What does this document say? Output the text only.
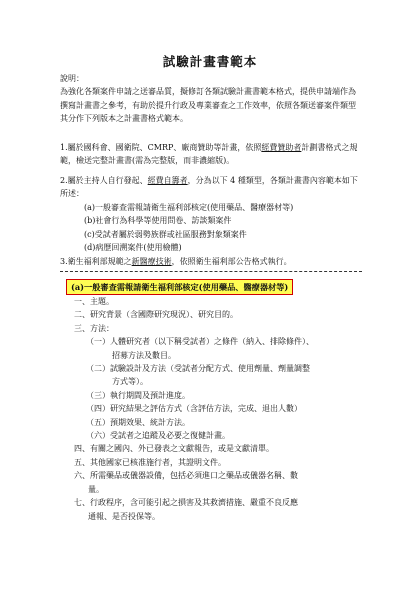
試驗計畫書範本

說明：

為強化各類案件申請之送審品質，擬修訂各類試驗計畫書範本格式，提供申請端作為撰寫計畫書之參考，有助於提升行政及專業審查之工作效率，依照各類送審案件類型其分作下列版本之計畫書格式範本。

1.屬於國科會、國衛院、CMRP、廠商贊助等計畫，依照經費贊助者計劃書格式之規範，檢送完整計畫書(需為完整版，而非濃縮版)。

2.屬於主持人自行發起、經費自籌者，分為以下 4 種類型，各類計畫書內容範本如下所述：

(a)一般審查需報請衛生福利部核定(使用藥品、醫療器材等)

(b)社會行為科學等使用問卷、訪談類案件

(c)受試者屬於弱勢族群或社區服務對象類案件

(d)病歷回溯案件(使用檢體)

3.衛生福利部規範之新醫療技術，依照衛生福利部公告格式執行。

(a)一般審查需報請衛生福利部核定(使用藥品、醫療器材等)

一、主題。

二、研究背景（含國際研究現況）、研究目的。

三、方法：

（一）人體研究者（以下稱受試者）之條件（納入、排除條件）、

招募方法及數目。

（二）試驗設計及方法（受試者分配方式、使用劑量、劑量調整

方式等）。

（三）執行期間及預計進度。

（四）研究結果之評估方式（含評估方法，完成、退出人數）

（五）預期效果、統計方法。

（六）受試者之追蹤及必要之復健計畫。

四、有關之國內、外已發表之文獻報告，或是文獻清單。

五、其他國家已核准施行者，其證明文件。

六、所需藥品或儀器設備，包括必須進口之藥品或儀器名稱、數

量。

七、行政程序，含可能引起之損害及其救濟措施、嚴重不良反應

通報、是否投保等。
